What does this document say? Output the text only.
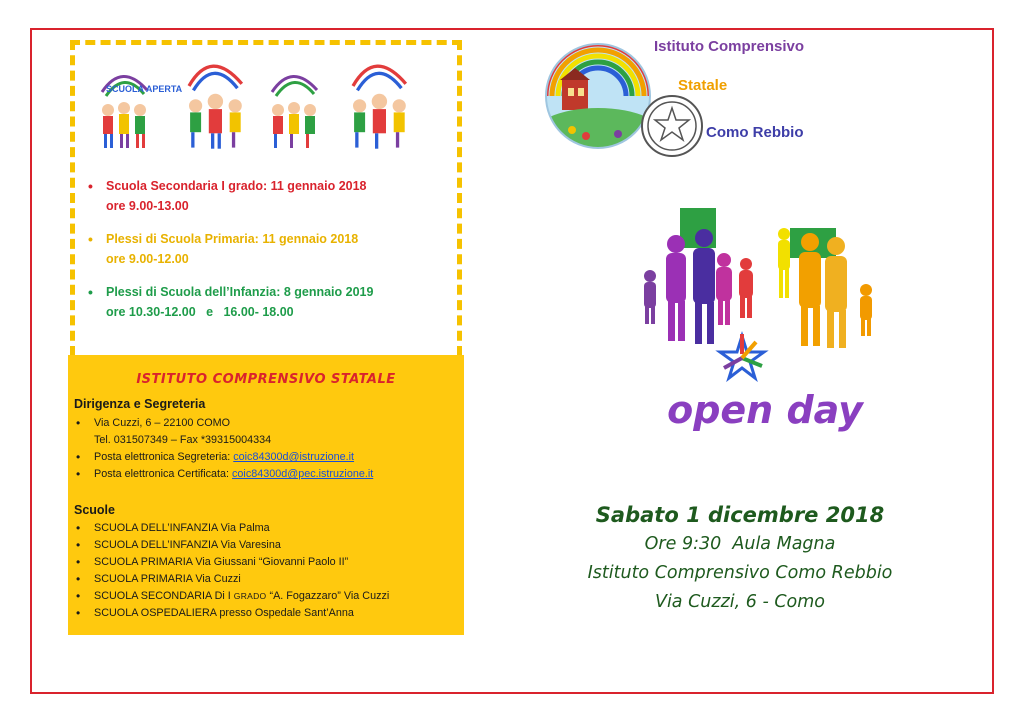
SCUOLA APERTA
• Scuola Secondaria I grado: 11 gennaio 2018
ore 9.00-13.00
• Plessi di Scuola Primaria: 11 gennaio 2018
ore 9.00-12.00
• Plessi di Scuola dell’Infanzia: 8 gennaio 2019
ore 10.30-12.00   e   16.00- 18.00
ISTITUTO COMPRENSIVO STATALE
Dirigenza e Segreteria
• Via Cuzzi, 6 – 22100 COMO
Tel. 031507349 – Fax *39315004334
• Posta elettronica Segreteria: coic84300d@istruzione.it
• Posta elettronica Certificata: coic84300d@pec.istruzione.it
Scuole
• SCUOLA DELL’INFANZIA Via Palma
• SCUOLA DELL’INFANZIA Via Varesina
• SCUOLA PRIMARIA Via Giussani “Giovanni Paolo II”
• SCUOLA PRIMARIA Via Cuzzi
• SCUOLA SECONDARIA Di I GRADO “A. Fogazzaro” Via Cuzzi
• SCUOLA OSPEDALIERA presso Ospedale Sant’Anna
Istituto Comprensivo
Statale
Como Rebbio
open day
Sabato 1 dicembre 2018
Ore 9:30  Aula Magna
Istituto Comprensivo Como Rebbio
Via Cuzzi, 6 - Como
